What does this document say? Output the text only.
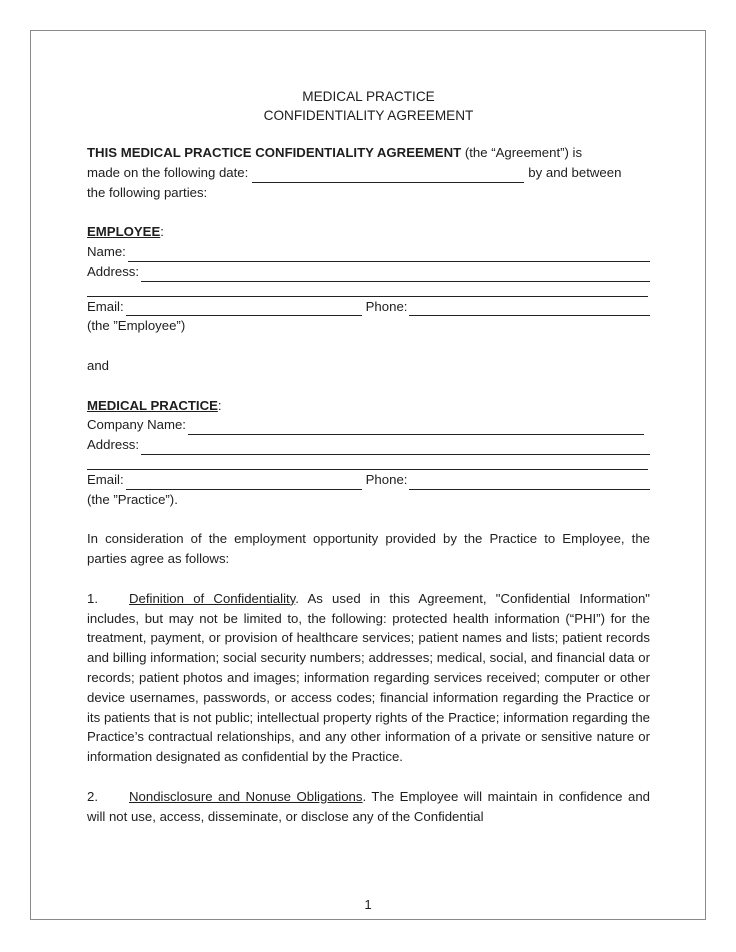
MEDICAL PRACTICE
CONFIDENTIALITY AGREEMENT

THIS MEDICAL PRACTICE CONFIDENTIALITY AGREEMENT (the “Agreement”) is

made on the following date:	by and between

the following parties:

EMPLOYEE:

Name:
Address:
Email:	Phone:

(the ”Employee”)

and

MEDICAL PRACTICE:

Company Name:
Address:
Email:	Phone:

(the ”Practice”).

In consideration of the employment opportunity provided by the Practice to Employee, the parties agree as follows:

1. Definition of Confidentiality. As used in this Agreement, "Confidential Information" includes, but may not be limited to, the following: protected health information (“PHI”) for the treatment, payment, or provision of healthcare services; patient names and lists; patient records and billing information; social security numbers; addresses; medical, social, and financial data or records; patient photos and images; information regarding services received; computer or other device usernames, passwords, or access codes; financial information regarding the Practice or its patients that is not public; intellectual property rights of the Practice; information regarding the Practice’s contractual relationships, and any other information of a private or sensitive nature or information designated as confidential by the Practice.

2. Nondisclosure and Nonuse Obligations. The Employee will maintain in confidence and will not use, access, disseminate, or disclose any of the Confidential

1
